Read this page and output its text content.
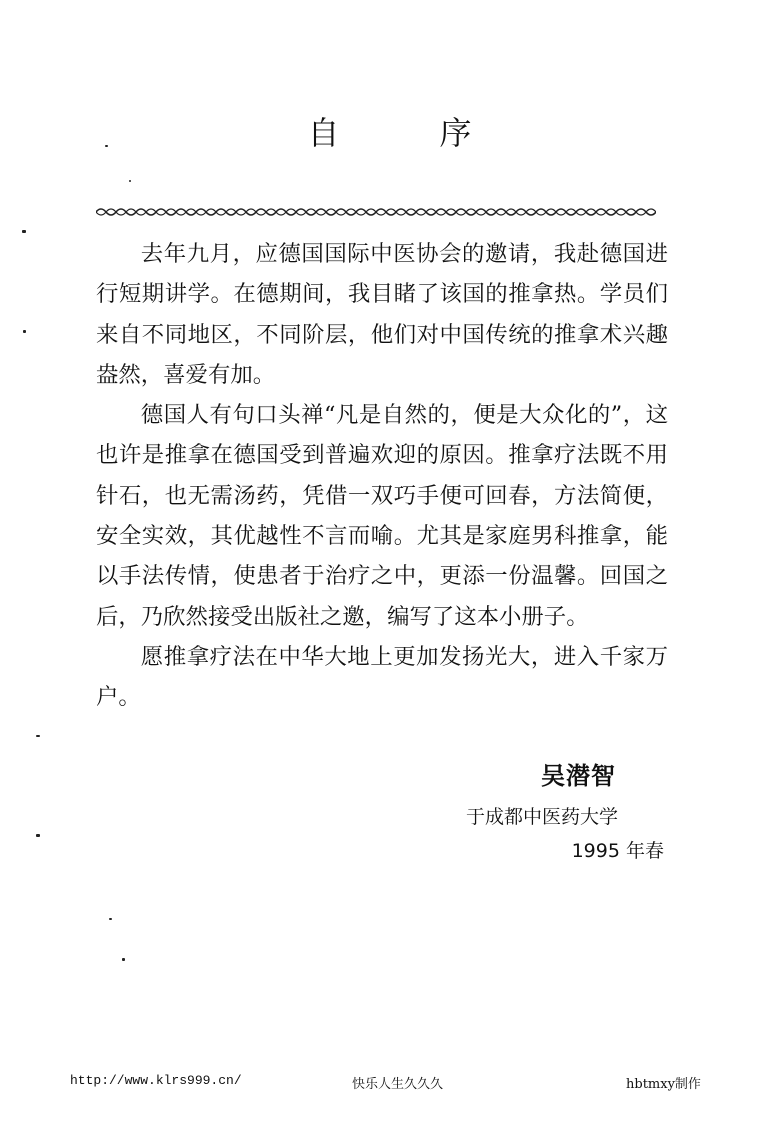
自　序

去年九月，应德国国际中医协会的邀请，我赴德国进行短期讲学。在德期间，我目睹了该国的推拿热。学员们来自不同地区，不同阶层，他们对中国传统的推拿术兴趣盎然，喜爱有加。

德国人有句口头禅“凡是自然的，便是大众化的”，这也许是推拿在德国受到普遍欢迎的原因。推拿疗法既不用针石，也无需汤药，凭借一双巧手便可回春，方法简便，安全实效，其优越性不言而喻。尤其是家庭男科推拿，能以手法传情，使患者于治疗之中，更添一份温馨。回国之后，乃欣然接受出版社之邀，编写了这本小册子。

愿推拿疗法在中华大地上更加发扬光大，进入千家万户。

吴潜智
于成都中医药大学
1995 年春
http://www.klrs999.cn/	快乐人生久久久	hbtmxy制作
